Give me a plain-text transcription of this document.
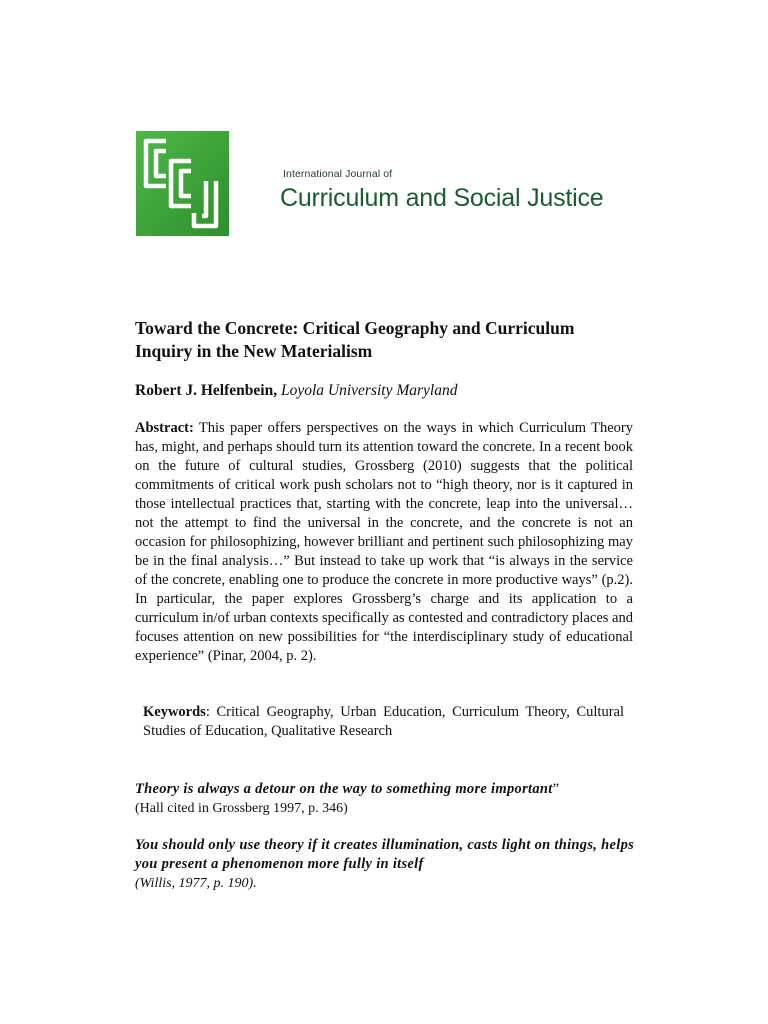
International Journal of
Curriculum and Social Justice
Toward the Concrete: Critical Geography and Curriculum Inquiry in the New Materialism
Robert J. Helfenbein, Loyola University Maryland
Abstract: This paper offers perspectives on the ways in which Curriculum Theory has, might, and perhaps should turn its attention toward the concrete. In a recent book on the future of cultural studies, Grossberg (2010) suggests that the political commitments of critical work push scholars not to “high theory, nor is it captured in those intellectual practices that, starting with the concrete, leap into the universal… not the attempt to find the universal in the concrete, and the concrete is not an occasion for philosophizing, however brilliant and pertinent such philosophizing may be in the final analysis…” But instead to take up work that “is always in the service of the concrete, enabling one to produce the concrete in more productive ways” (p.2). In particular, the paper explores Grossberg’s charge and its application to a curriculum in/of urban contexts specifically as contested and contradictory places and focuses attention on new possibilities for “the interdisciplinary study of educational experience” (Pinar, 2004, p. 2).
Keywords: Critical Geography, Urban Education, Curriculum Theory, Cultural Studies of Education, Qualitative Research
Theory is always a detour on the way to something more important”
(Hall cited in Grossberg 1997, p. 346)
You should only use theory if it creates illumination, casts light on things, helps you present a phenomenon more fully in itself
(Willis, 1977, p. 190).
